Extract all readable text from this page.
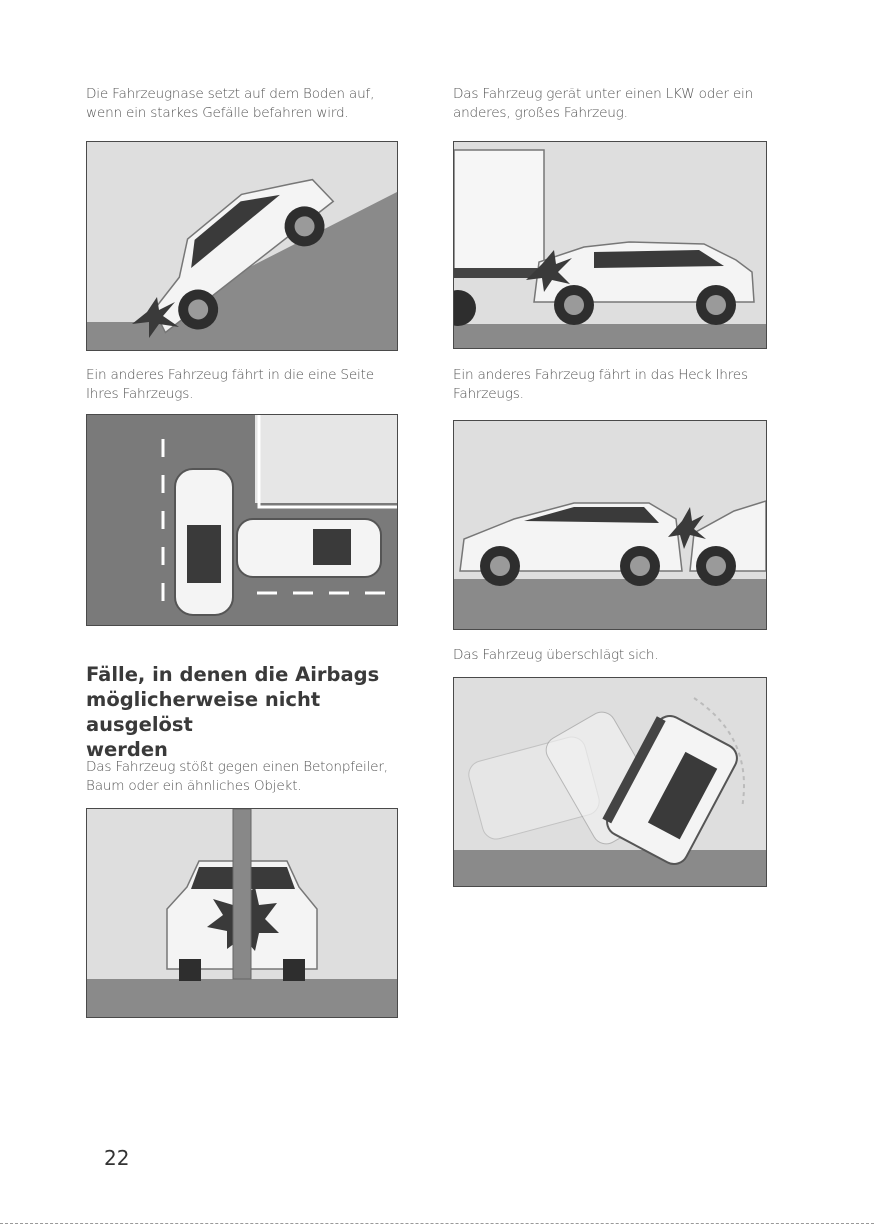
Die Fahrzeugnase setzt auf dem Boden auf,
wenn ein starkes Gefälle befahren wird.

Das Fahrzeug gerät unter einen LKW oder ein
anderes, großes Fahrzeug.

Ein anderes Fahrzeug fährt in die eine Seite
Ihres Fahrzeugs.

Ein anderes Fahrzeug fährt in das Heck Ihres
Fahrzeugs.

Das Fahrzeug überschlägt sich.

Fälle, in denen die Airbags
möglicherweise nicht ausgelöst
werden

Das Fahrzeug stößt gegen einen Betonpfeiler,
Baum oder ein ähnliches Objekt.

22
